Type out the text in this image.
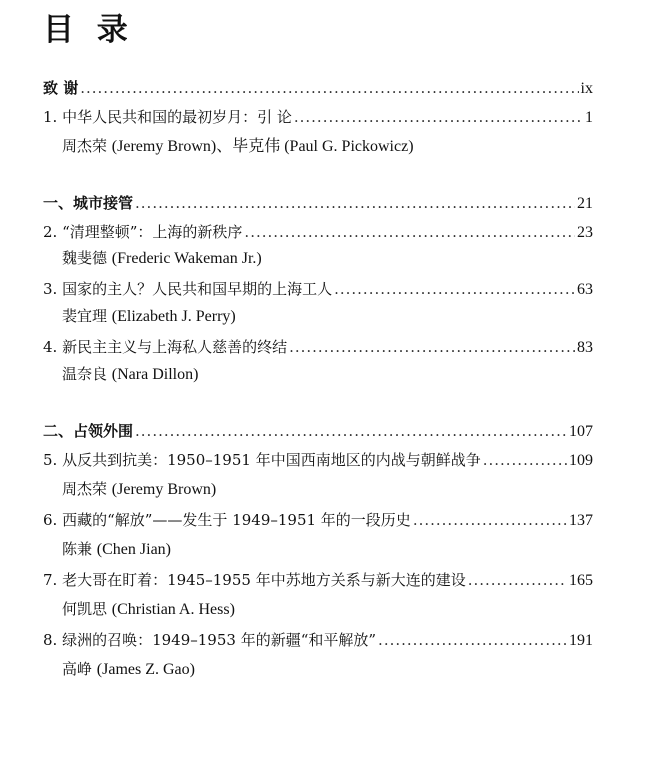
目 录
致 谢 .....	ix
1. 中华人民共和国的最初岁月：引 论 .....	1
周杰荣 (Jeremy Brown)、毕克伟 (Paul G. Pickowicz)
一、城市接管 .....	21
2. “清理整顿”：上海的新秩序 .....	23
魏斐德 (Frederic Wakeman Jr.)
3. 国家的主人？人民共和国早期的上海工人 .....	63
裴宜理 (Elizabeth J. Perry)
4. 新民主主义与上海私人慈善的终结 .....	83
温奈良 (Nara Dillon)
二、占领外围 .....	107
5. 从反共到抗美：1950–1951 年中国西南地区的内战与朝鲜战争 .....	109
周杰荣 (Jeremy Brown)
6. 西藏的“解放”——发生于 1949–1951 年的一段历史 .....	137
陈兼 (Chen Jian)
7. 老大哥在盯着：1945–1955 年中苏地方关系与新大连的建设 .....	165
何凯思 (Christian A. Hess)
8. 绿洲的召唤：1949–1953 年的新疆“和平解放” .....	191
高峥 (James Z. Gao)
